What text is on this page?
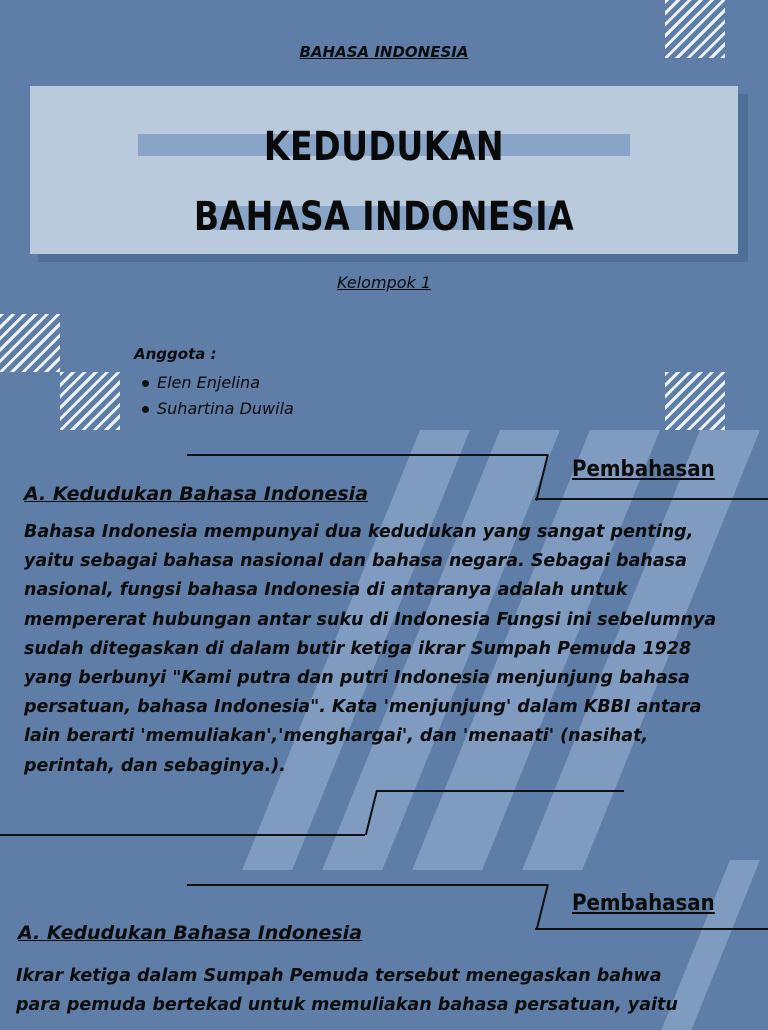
BAHASA INDONESIA
KEDUDUKAN
BAHASA INDONESIA
Kelompok 1
Anggota :
Elen Enjelina
Suhartina Duwila
Pembahasan
A. Kedudukan Bahasa Indonesia
Bahasa Indonesia mempunyai dua kedudukan yang sangat penting,
yaitu sebagai bahasa nasional dan bahasa negara. Sebagai bahasa
nasional, fungsi bahasa Indonesia di antaranya adalah untuk
mempererat hubungan antar suku di Indonesia Fungsi ini sebelumnya
sudah ditegaskan di dalam butir ketiga ikrar Sumpah Pemuda 1928
yang berbunyi "Kami putra dan putri Indonesia menjunjung bahasa
persatuan, bahasa Indonesia". Kata 'menjunjung' dalam KBBI antara
lain berarti 'memuliakan','menghargai', dan 'menaati' (nasihat,
perintah, dan sebaginya.).
Pembahasan
A. Kedudukan Bahasa Indonesia
Ikrar ketiga dalam Sumpah Pemuda tersebut menegaskan bahwa
para pemuda bertekad untuk memuliakan bahasa persatuan, yaitu
